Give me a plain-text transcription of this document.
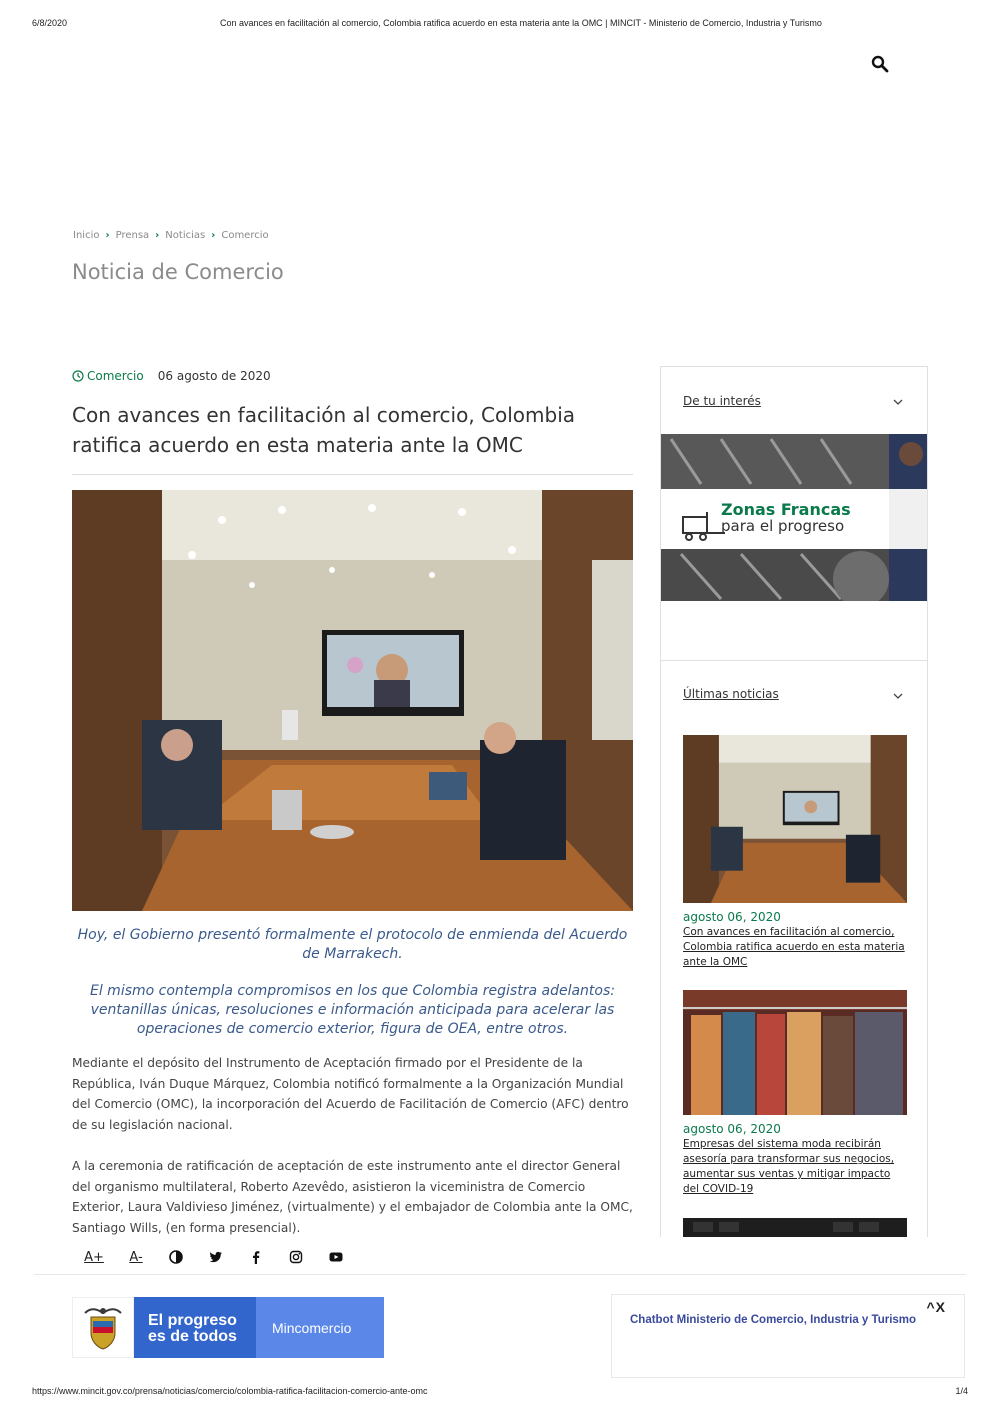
6/8/2020	Con avances en facilitación al comercio, Colombia ratifica acuerdo en esta materia ante la OMC | MINCIT - Ministerio de Comercio, Industria y Turismo
Inicio › Prensa › Noticias › Comercio
Noticia de Comercio
Comercio 06 agosto de 2020
Con avances en facilitación al comercio, Colombia ratifica acuerdo en esta materia ante la OMC

Hoy, el Gobierno presentó formalmente el protocolo de enmienda del Acuerdo de Marrakech.

El mismo contempla compromisos en los que Colombia registra adelantos: ventanillas únicas, resoluciones e información anticipada para acelerar las operaciones de comercio exterior, figura de OEA, entre otros.

Mediante el depósito del Instrumento de Aceptación firmado por el Presidente de la República, Iván Duque Márquez, Colombia notificó formalmente a la Organización Mundial del Comercio (OMC), la incorporación del Acuerdo de Facilitación de Comercio (AFC) dentro de su legislación nacional.

A la ceremonia de ratificación de aceptación de este instrumento ante el director General del organismo multilateral, Roberto Azevêdo, asistieron la viceministra de Comercio Exterior, Laura Valdivieso Jiménez, (virtualmente) y el embajador de Colombia ante la OMC, Santiago Wills, (en forma presencial).

A+	A-
De tu interés
Zonas Francas
para el progreso
Últimas noticias
agosto 06, 2020
Con avances en facilitación al comercio, Colombia ratifica acuerdo en esta materia ante la OMC
agosto 06, 2020
Empresas del sistema moda recibirán asesoría para transformar sus negocios, aumentar sus ventas y mitigar impacto del COVID-19
El progreso
es de todos
Mincomercio
^X
Chatbot Ministerio de Comercio, Industria y Turismo
https://www.mincit.gov.co/prensa/noticias/comercio/colombia-ratifica-facilitacion-comercio-ante-omc	1/4
